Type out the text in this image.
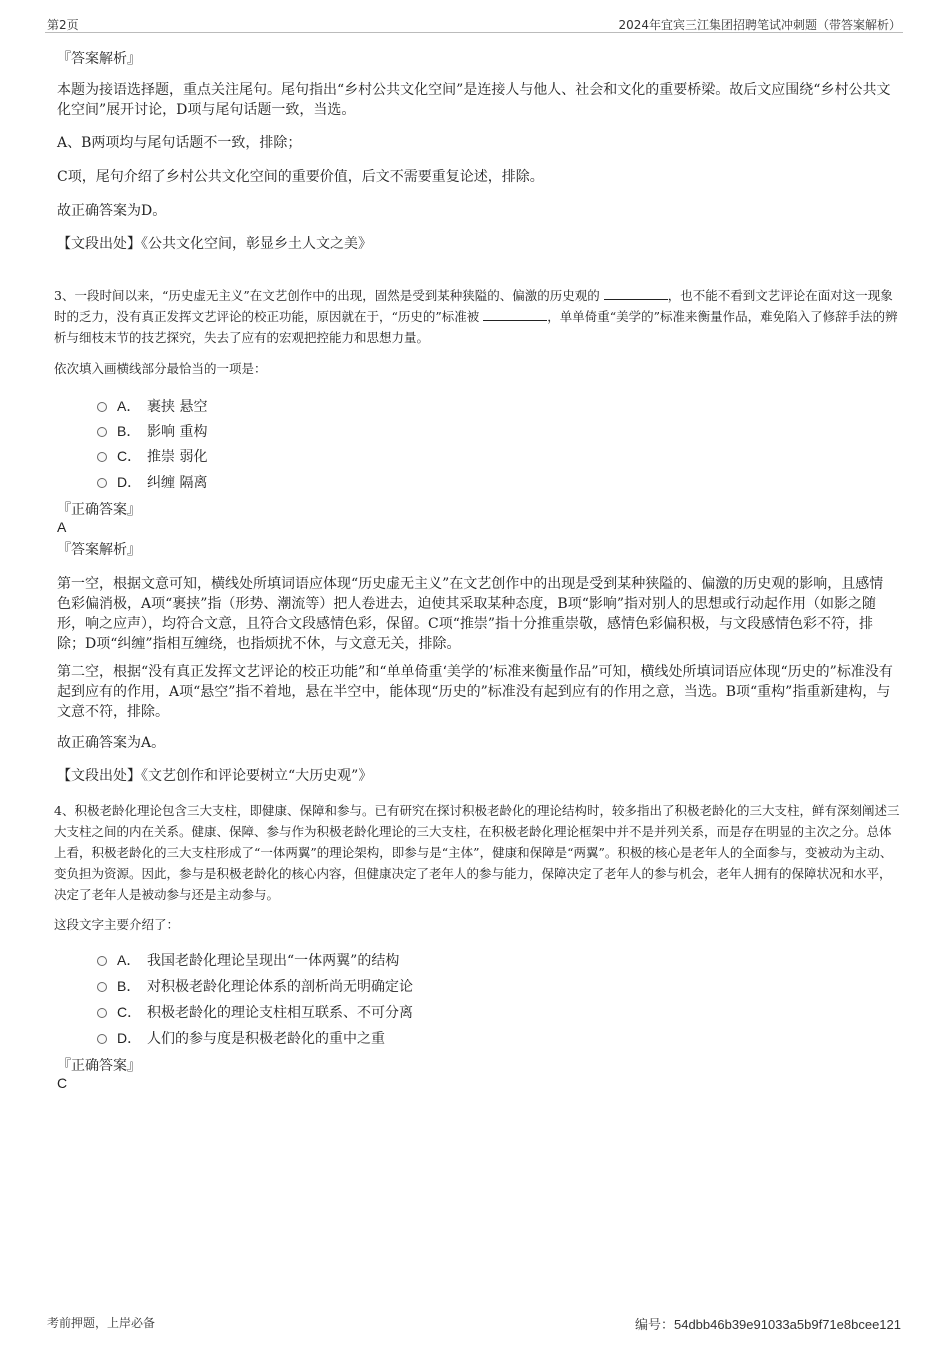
第2页	2024年宜宾三江集团招聘笔试冲刺题（带答案解析）

『答案解析』

本题为接语选择题，重点关注尾句。尾句指出“乡村公共文化空间”是连接人与他人、社会和文化的重要桥梁。故后文应围绕“乡村公共文化空间”展开讨论，D项与尾句话题一致，当选。

A、B两项均与尾句话题不一致，排除；

C项，尾句介绍了乡村公共文化空间的重要价值，后文不需要重复论述，排除。

故正确答案为D。

【文段出处】《公共文化空间，彰显乡土人文之美》

3、一段时间以来，“历史虚无主义”在文艺创作中的出现，固然是受到某种狭隘的、偏激的历史观的	，也不能不看到文艺评论在面对这一现象时的乏力，没有真正发挥文艺评论的校正功能，原因就在于，“历史的”标准被	，单单倚重“美学的”标准来衡量作品，难免陷入了修辞手法的辨析与细枝末节的技艺探究，失去了应有的宏观把控能力和思想力量。

依次填入画横线部分最恰当的一项是：

A． 裹挟 悬空
B． 影响 重构
C． 推崇 弱化
D． 纠缠 隔离

『正确答案』

A

『答案解析』

第一空，根据文意可知，横线处所填词语应体现“历史虚无主义”在文艺创作中的出现是受到某种狭隘的、偏激的历史观的影响，且感情色彩偏消极，A项“裹挟”指（形势、潮流等）把人卷进去，迫使其采取某种态度，B项“影响”指对别人的思想或行动起作用（如影之随形，响之应声），均符合文意，且符合文段感情色彩，保留。C项“推崇”指十分推重崇敬，感情色彩偏积极，与文段感情色彩不符，排除；D项“纠缠”指相互缠绕，也指烦扰不休，与文意无关，排除。

第二空，根据“没有真正发挥文艺评论的校正功能”和“单单倚重‘美学的’标准来衡量作品”可知，横线处所填词语应体现“历史的”标准没有起到应有的作用，A项“悬空”指不着地，悬在半空中，能体现“历史的”标准没有起到应有的作用之意，当选。B项“重构”指重新建构，与文意不符，排除。

故正确答案为A。

【文段出处】《文艺创作和评论要树立“大历史观”》

4、积极老龄化理论包含三大支柱，即健康、保障和参与。已有研究在探讨积极老龄化的理论结构时，较多指出了积极老龄化的三大支柱，鲜有深刻阐述三大支柱之间的内在关系。健康、保障、参与作为积极老龄化理论的三大支柱，在积极老龄化理论框架中并不是并列关系，而是存在明显的主次之分。总体上看，积极老龄化的三大支柱形成了“一体两翼”的理论架构，即参与是“主体”，健康和保障是“两翼”。积极的核心是老年人的全面参与，变被动为主动、变负担为资源。因此，参与是积极老龄化的核心内容，但健康决定了老年人的参与能力，保障决定了老年人的参与机会，老年人拥有的保障状况和水平，决定了老年人是被动参与还是主动参与。

这段文字主要介绍了：

A． 我国老龄化理论呈现出“一体两翼”的结构
B． 对积极老龄化理论体系的剖析尚无明确定论
C． 积极老龄化的理论支柱相互联系、不可分离
D． 人们的参与度是积极老龄化的重中之重

『正确答案』

C

考前押题，上岸必备	编号：54dbb46b39e91033a5b9f71e8bcee121
